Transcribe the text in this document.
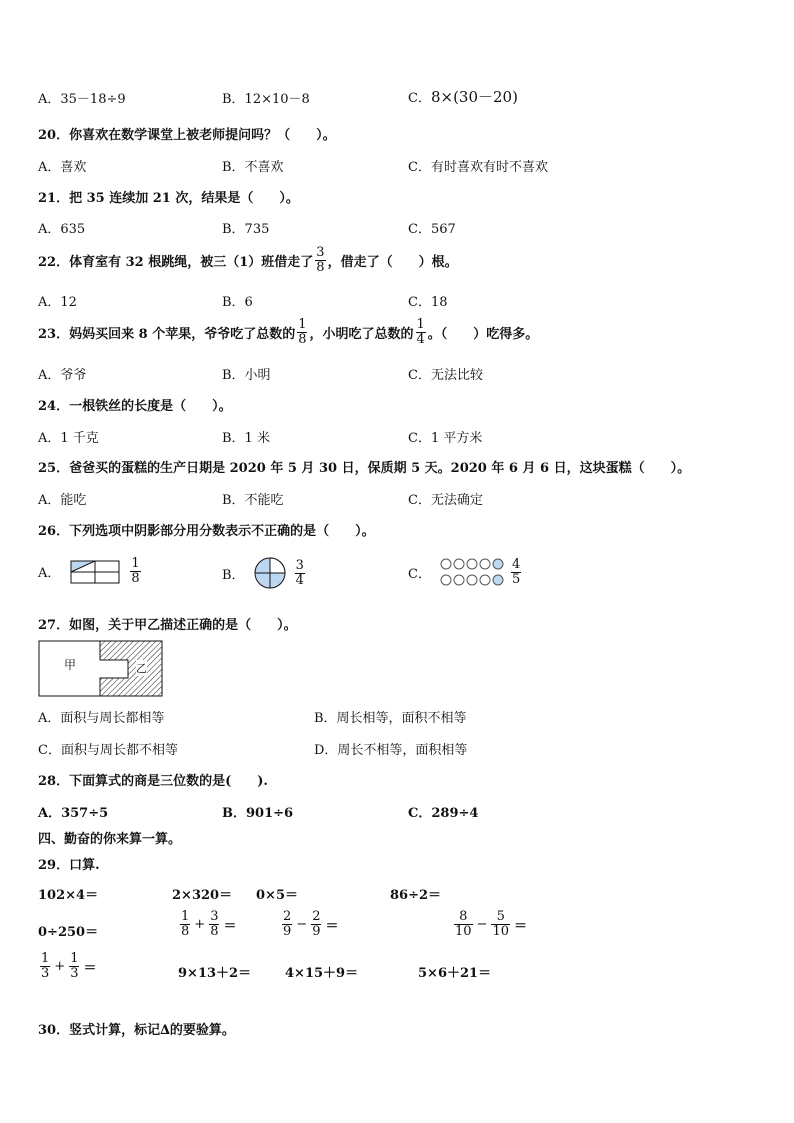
A．35－18÷9	B．12×10－8	C．8×(30－20)
20．你喜欢在数学课堂上被老师提问吗？（　　）。
A．喜欢	B．不喜欢	C．有时喜欢有时不喜欢
21．把 35 连续加 21 次，结果是（　　）。
A．635	B．735	C．567
22．体育室有 32 根跳绳，被三（1）班借走了 $\frac{3}{8}$ ，借走了（　　）根。
A．12	B．6	C．18
23．妈妈买回来 8 个苹果，爷爷吃了总数的 $\frac{1}{8}$ ，小明吃了总数的 $\frac{1}{4}$ 。（　　）吃得多。
A．爷爷	B．小明	C．无法比较
24．一根铁丝的长度是（　　）。
A．1 千克	B．1 米	C．1 平方米
25．爸爸买的蛋糕的生产日期是 2020 年 5 月 30 日，保质期 5 天。2020 年 6 月 6 日，这块蛋糕（　　）。
A．能吃	B．不能吃	C．无法确定
26．下列选项中阴影部分用分数表示不正确的是（　　）。
A．	$\frac{1}{8}$	B．	$\frac{3}{4}$	C．	$\frac{4}{5}$
27．如图，关于甲乙描述正确的是（　　）。
甲	乙
A．面积与周长都相等	B．周长相等，面积不相等
C．面积与周长都不相等	D．周长不相等，面积相等
28．下面算式的商是三位数的是(　　).
A．357÷5	B．901÷6	C．289÷4
四、勤奋的你来算一算。
29．口算.
102×4＝	2×320＝ 0×5＝	86÷2＝
0÷250＝	$\frac{1}{8} + \frac{3}{8}$ ＝	$\frac{2}{9} - \frac{2}{9}$ ＝	$\frac{8}{10} - \frac{5}{10}$ ＝
$\frac{1}{3} + \frac{1}{3}$ ＝	9×13＋2＝	4×15＋9＝	5×6＋21＝
30．竖式计算，标记∆的要验算。
